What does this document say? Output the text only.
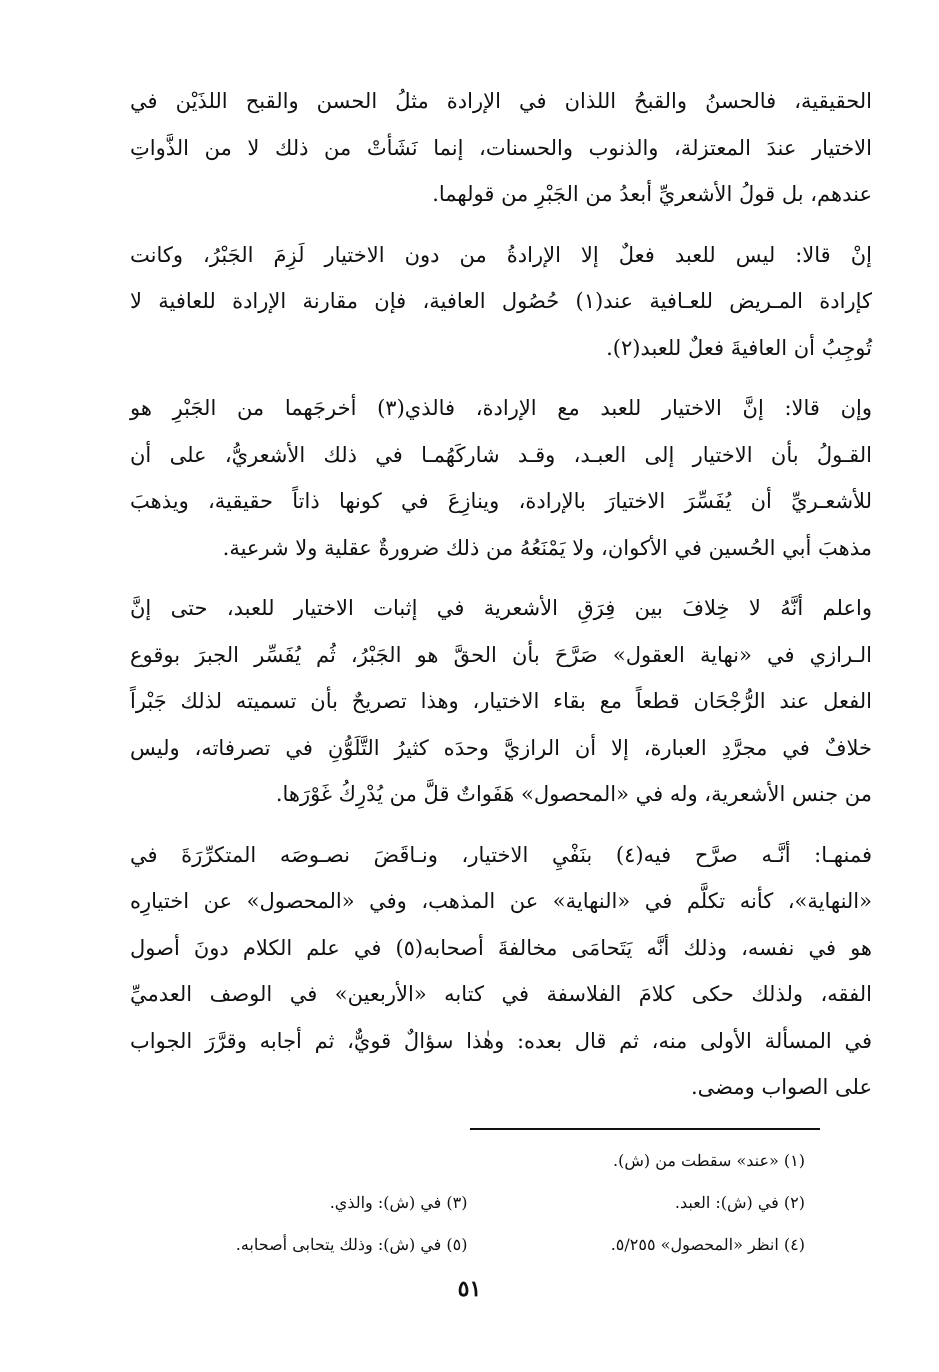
الحقيقية، فالحسنُ والقبحُ اللذان في الإرادة مثلُ الحسن والقبح اللذَيْن في
الاختيار عندَ المعتزلة، والذنوب والحسنات، إنما نَشَأتْ من ذلك لا من الذَّواتِ
عندهم، بل قولُ الأشعريِّ أبعدُ من الجَبْرِ من قولهما.

إنْ قالا: ليس للعبد فعلٌ إلا الإرادةُ من دون الاختيار لَزِمَ الجَبْرُ، وكانت
كإرادة المـريض للعـافية عند(١) حُصُول العافية، فإن مقارنة الإرادة للعافية لا
تُوجِبُ أن العافيةَ فعلٌ للعبد(٢).

وإن قالا: إنَّ الاختيار للعبد مع الإرادة، فالذي(٣) أخرجَهما من الجَبْرِ هو
القـولُ بأن الاختيار إلى العبـد، وقـد شاركَهُمـا في ذلك الأشعريُّ، على أن
للأشعـريِّ أن يُفَسِّرَ الاختيارَ بالإرادة، وينازِعَ في كونها ذاتاً حقيقية، ويذهبَ
مذهبَ أبي الحُسين في الأكوان، ولا يَمْنَعُهُ من ذلك ضرورةٌ عقلية ولا شرعية.

واعلم أنَّهُ لا خِلافَ بين فِرَقِ الأشعرية في إثبات الاختيار للعبد، حتى إنَّ
الـرازي في «نهاية العقول» صَرَّحَ بأن الحقَّ هو الجَبْرُ، ثُم يُفَسِّر الجبرَ بوقوع
الفعل عند الرُّجْحَان قطعاً مع بقاء الاختيار، وهذا تصريحٌ بأن تسميته لذلك جَبْراً
خلافٌ في مجرَّدِ العبارة، إلا أن الرازيَّ وحدَه كثيرُ التَّلَوُّنِ في تصرفاته، وليس
من جنس الأشعرية، وله في «المحصول» هَفَواتٌ قلَّ من يُدْرِكُ غَوْرَها.

فمنهـا: أنَّـه صرَّح فيه(٤) بنَفْيِ الاختيار، ونـاقَضَ نصـوصَه المتكرِّرَةَ في
«النهاية»، كأنه تكلَّم في «النهاية» عن المذهب، وفي «المحصول» عن اختيارِه
هو في نفسه، وذلك أنَّه يَتَحامَى مخالفةَ أصحابه(٥) في علم الكلام دونَ أصول
الفقه، ولذلك حكى كلامَ الفلاسفة في كتابه «الأربعين» في الوصف العدميِّ
في المسألة الأولى منه، ثم قال بعده: وهٰذا سؤالٌ قويٌّ، ثم أجابه وقرَّرَ الجواب
على الصواب ومضى.

(١) «عند» سقطت من (ش).
(٢) في (ش): العبد.
(٣) في (ش): والذي.
(٤) انظر «المحصول» ٥/٢٥٥.
(٥) في (ش): وذلك يتحابى أصحابه.
٥١
